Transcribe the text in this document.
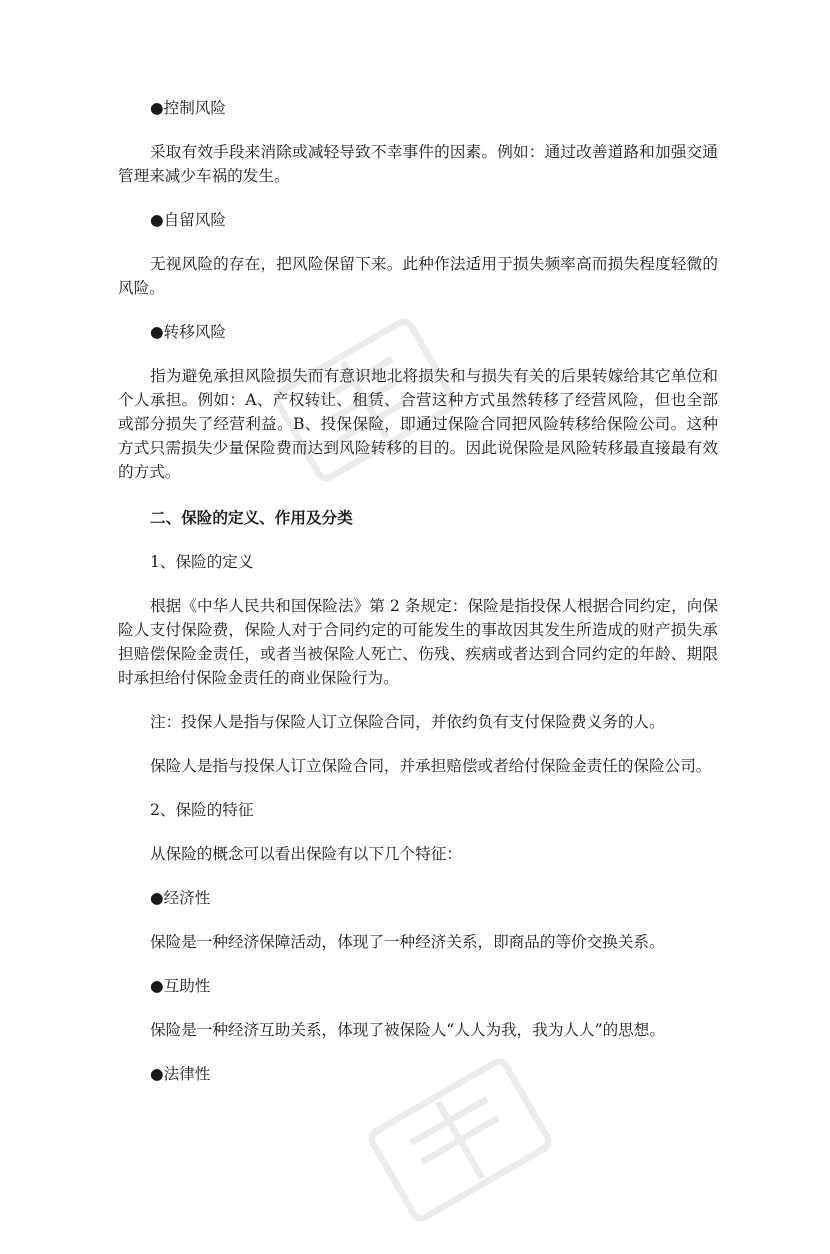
●控制风险

采取有效手段来消除或减轻导致不幸事件的因素。例如：通过改善道路和加强交通管理来减少车祸的发生。

●自留风险

无视风险的存在，把风险保留下来。此种作法适用于损失频率高而损失程度轻微的风险。

●转移风险

指为避免承担风险损失而有意识地北将损失和与损失有关的后果转嫁给其它单位和个人承担。例如：A、产权转让、租赁、合营这种方式虽然转移了经营风险，但也全部或部分损失了经营利益。B、投保保险，即通过保险合同把风险转移给保险公司。这种方式只需损失少量保险费而达到风险转移的目的。因此说保险是风险转移最直接最有效的方式。

二、保险的定义、作用及分类

1、保险的定义

根据《中华人民共和国保险法》第 2 条规定：保险是指投保人根据合同约定，向保险人支付保险费，保险人对于合同约定的可能发生的事故因其发生所造成的财产损失承担赔偿保险金责任，或者当被保险人死亡、伤残、疾病或者达到合同约定的年龄、期限时承担给付保险金责任的商业保险行为。

注：投保人是指与保险人订立保险合同，并依约负有支付保险费义务的人。

保险人是指与投保人订立保险合同，并承担赔偿或者给付保险金责任的保险公司。

2、保险的特征

从保险的概念可以看出保险有以下几个特征：

●经济性

保险是一种经济保障活动，体现了一种经济关系，即商品的等价交换关系。

●互助性

保险是一种经济互助关系，体现了被保险人“人人为我，我为人人”的思想。

●法律性
